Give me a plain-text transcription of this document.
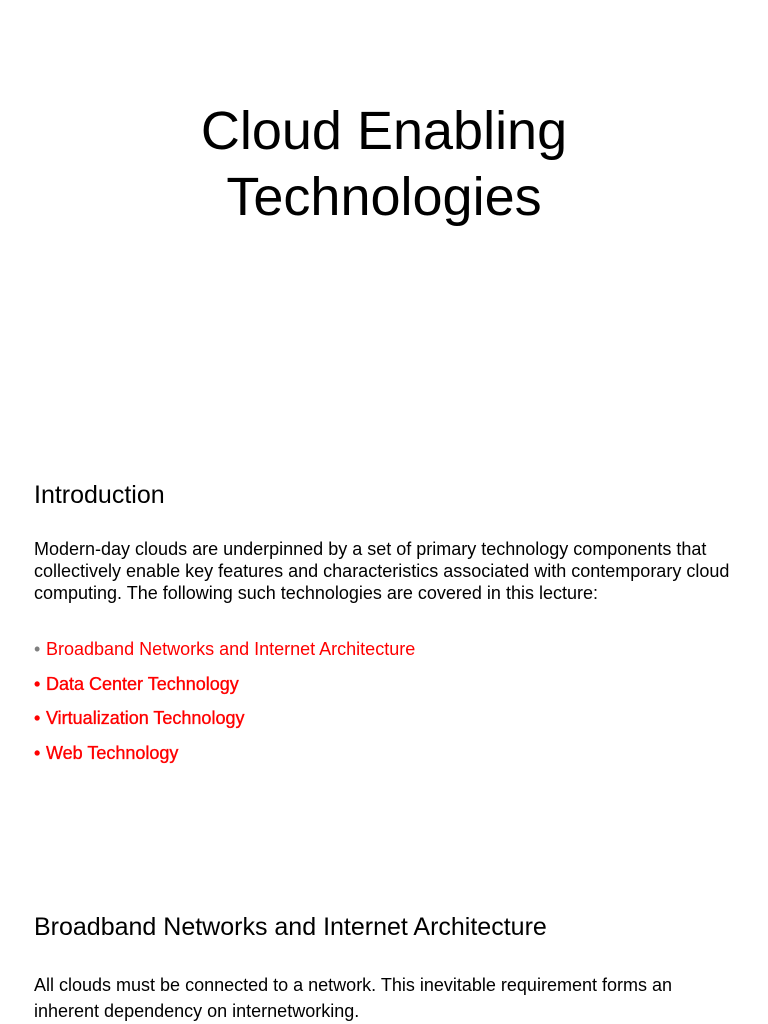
Cloud Enabling
Technologies
Introduction

Modern-day clouds are underpinned by a set of primary technology components that collectively enable key features and characteristics associated with contemporary cloud computing. The following such technologies are covered in this lecture:

• Broadband Networks and Internet Architecture
• Data Center Technology
• Virtualization Technology
• Web Technology
Broadband Networks and Internet Architecture

All clouds must be connected to a network. This inevitable requirement forms an inherent dependency on internetworking.
